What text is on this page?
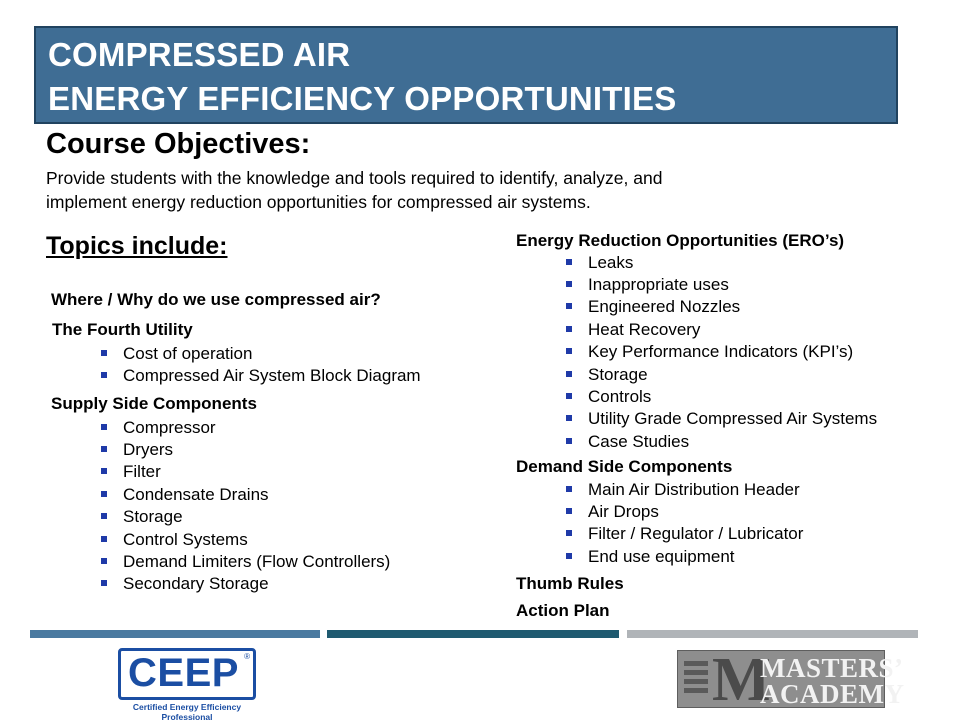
COMPRESSED AIR
ENERGY EFFICIENCY OPPORTUNITIES
Course Objectives:
Provide students with the knowledge and tools required to identify, analyze, and
implement energy reduction opportunities for compressed air systems.
Topics include:
Where / Why do we use compressed air?
The Fourth Utility
Cost of operation
Compressed Air System Block Diagram
Supply Side Components
Compressor
Dryers
Filter
Condensate Drains
Storage
Control Systems
Demand Limiters (Flow Controllers)
Secondary Storage
Energy Reduction Opportunities (ERO’s)
Leaks
Inappropriate uses
Engineered Nozzles
Heat Recovery
Key Performance Indicators (KPI’s)
Storage
Controls
Utility Grade Compressed Air Systems
Case Studies
Demand Side Components
Main Air Distribution Header
Air Drops
Filter / Regulator / Lubricator
End use equipment
Thumb Rules
Action Plan
CEEP ®
Certified Energy Efficiency Professional
M
MASTERS’
ACADEMY
